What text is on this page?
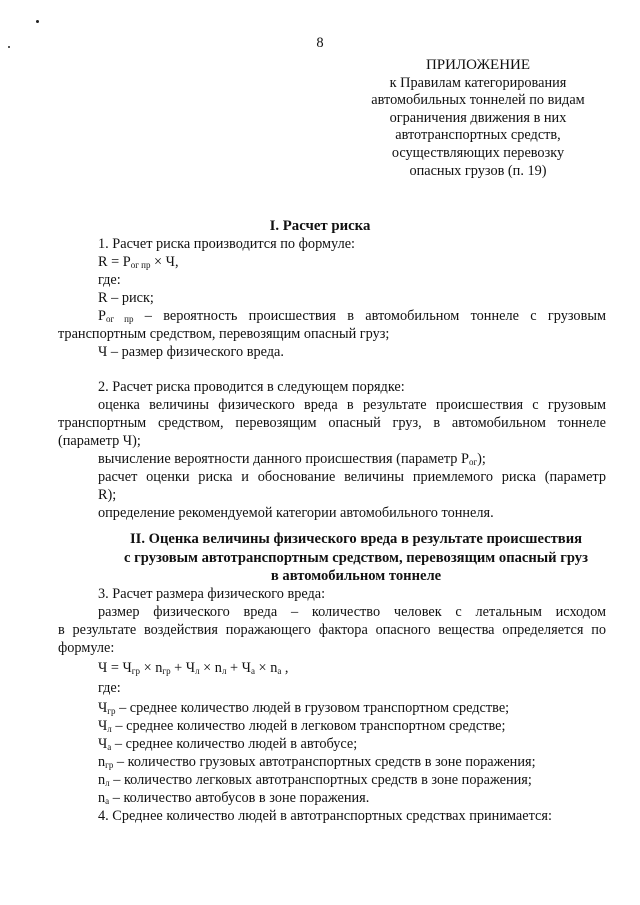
8
ПРИЛОЖЕНИЕ
к Правилам категорирования
автомобильных тоннелей по видам
ограничения движения в них
автотранспортных средств,
осуществляющих перевозку
опасных грузов (п. 19)
I. Расчет риска
1. Расчет риска производится по формуле:
$R = P_{ог пр} \times Ч$,
где:
R – риск;
$P_{ог пр}$ – вероятность происшествия в автомобильном тоннеле с грузовым
транспортным средством, перевозящим опасный груз;
Ч – размер физического вреда.
2. Расчет риска проводится в следующем порядке:
оценка величины физического вреда в результате происшествия с грузовым
транспортным средством, перевозящим опасный груз, в автомобильном тоннеле
(параметр Ч);
вычисление вероятности данного происшествия (параметр $P_{ог}$);
расчет оценки риска и обоснование величины приемлемого риска (параметр
R);
определение рекомендуемой категории автомобильного тоннеля.
II. Оценка величины физического вреда в результате происшествия
с грузовым автотранспортным средством, перевозящим опасный груз
в автомобильном тоннеле
3. Расчет размера физического вреда:
размер физического вреда – количество человек с летальным исходом
в результате воздействия поражающего фактора опасного вещества определяется по
формуле:
$Ч = Ч_{гр} \times n_{гр} + Ч_л \times n_л + Ч_а \times n_а$ ,
где:
$Ч_{гр}$ – среднее количество людей в грузовом транспортном средстве;
$Ч_л$ – среднее количество людей в легковом транспортном средстве;
$Ч_а$ – среднее количество людей в автобусе;
$n_{гр}$ – количество грузовых автотранспортных средств в зоне поражения;
$n_л$ – количество легковых автотранспортных средств в зоне поражения;
$n_а$ – количество автобусов в зоне поражения.
4. Среднее количество людей в автотранспортных средствах принимается:
